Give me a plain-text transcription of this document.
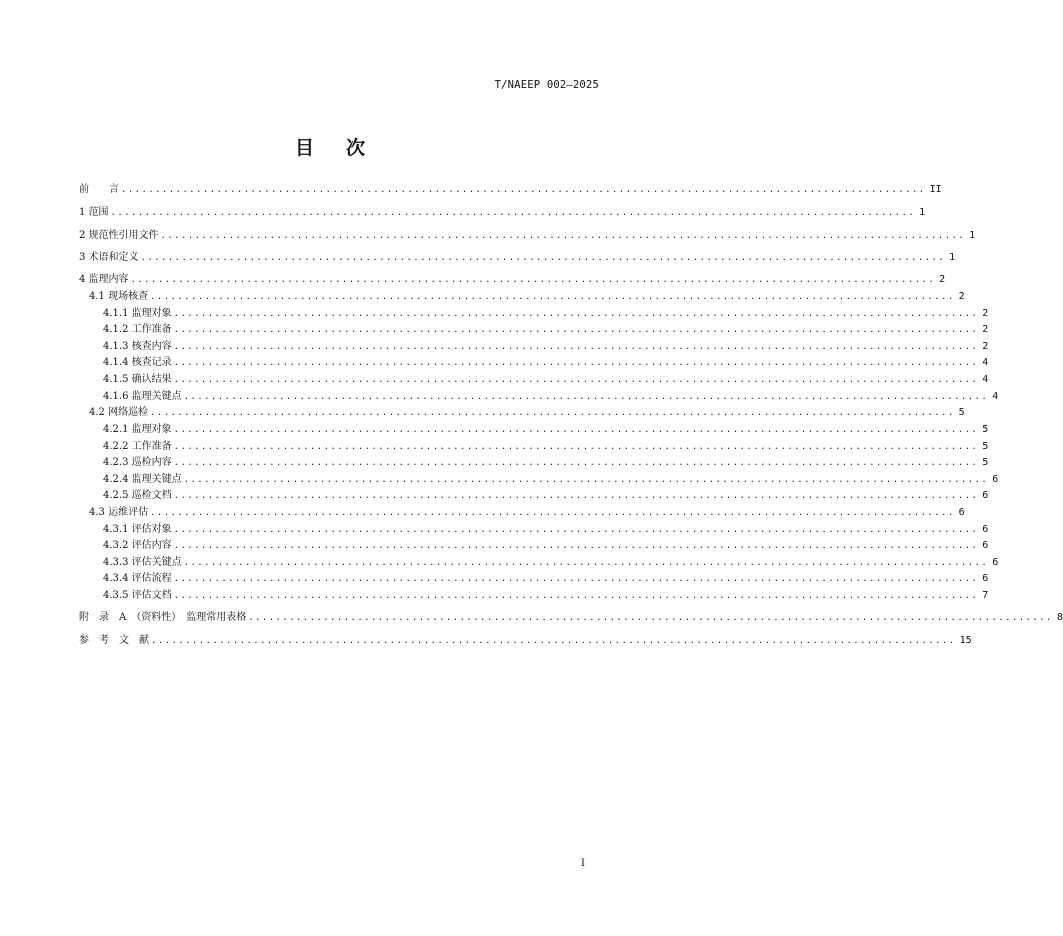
T/NAEEP 002—2025
目 次
前　　言 ...................................................................................................................... II
1 范围 ...................................................................................................................... 1
2 规范性引用文件 ...................................................................................................................... 1
3 术语和定义 ...................................................................................................................... 1
4 监理内容 ...................................................................................................................... 2
4.1 现场核查 ...................................................................................................................... 2
4.1.1 监理对象 ...................................................................................................................... 2
4.1.2 工作准备 ...................................................................................................................... 2
4.1.3 核查内容 ...................................................................................................................... 2
4.1.4 核查记录 ...................................................................................................................... 4
4.1.5 确认结果 ...................................................................................................................... 4
4.1.6 监理关键点 ...................................................................................................................... 4
4.2 网络巡检 ...................................................................................................................... 5
4.2.1 监理对象 ...................................................................................................................... 5
4.2.2 工作准备 ...................................................................................................................... 5
4.2.3 巡检内容 ...................................................................................................................... 5
4.2.4 监理关键点 ...................................................................................................................... 6
4.2.5 巡检文档 ...................................................................................................................... 6
4.3 运维评估 ...................................................................................................................... 6
4.3.1 评估对象 ...................................................................................................................... 6
4.3.2 评估内容 ...................................................................................................................... 6
4.3.3 评估关键点 ...................................................................................................................... 6
4.3.4 评估流程 ...................................................................................................................... 6
4.3.5 评估文档 ...................................................................................................................... 7
附　录　A　（资料性）　监理常用表格 ...................................................................................................................... 8
参　考　文　献 ...................................................................................................................... 15
I
